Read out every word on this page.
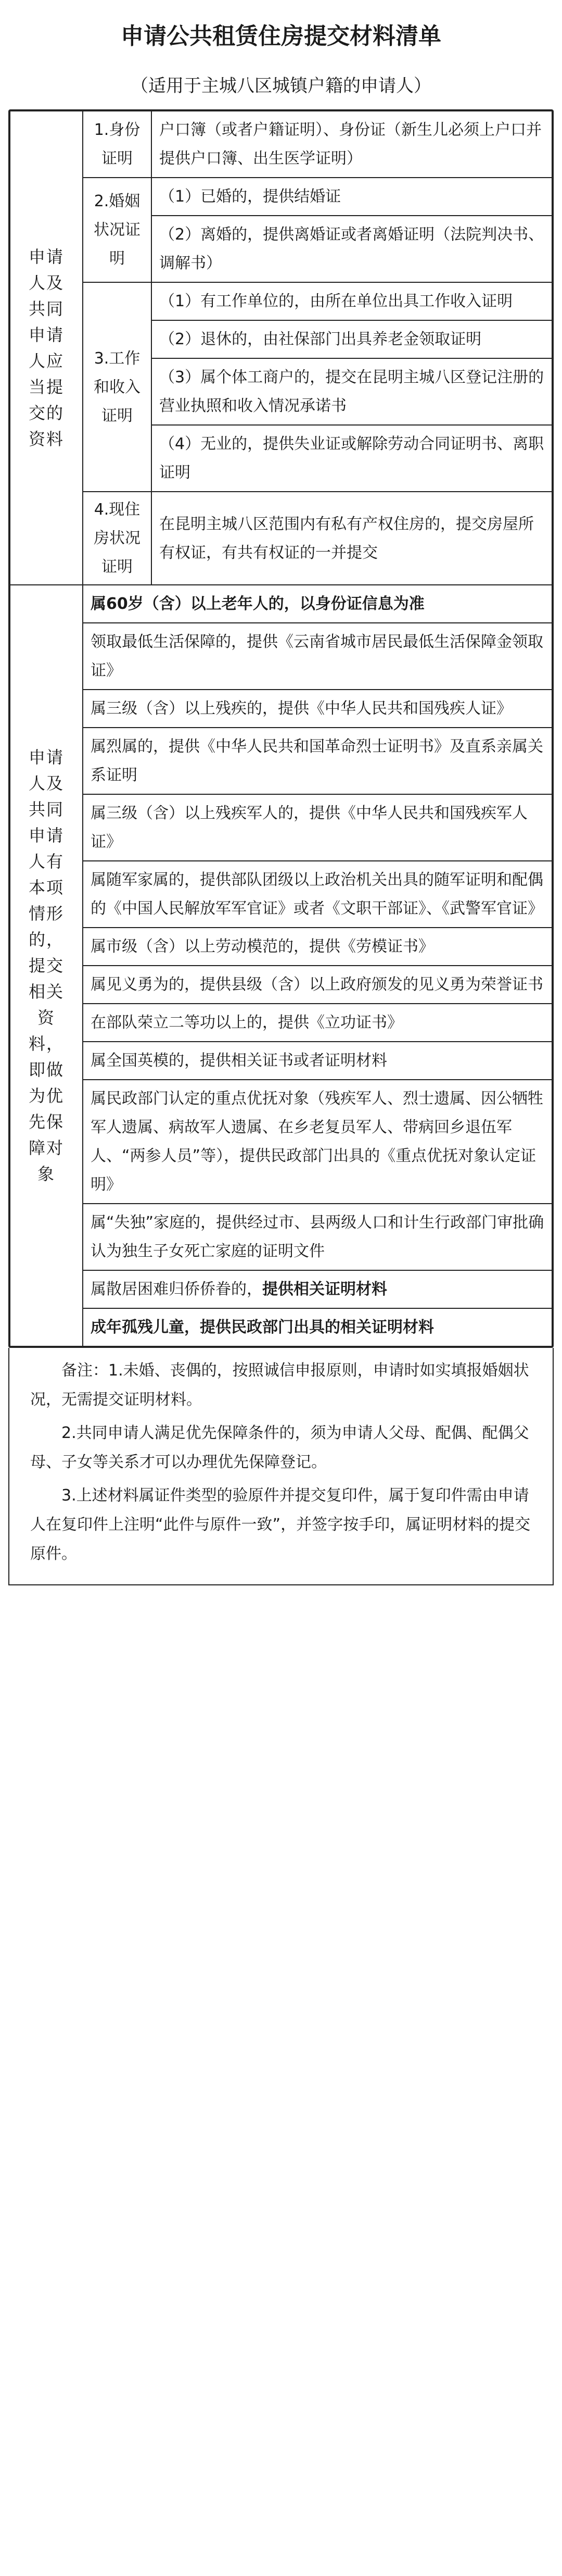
申请公共租赁住房提交材料清单

（适用于主城八区城镇户籍的申请人）

申请人及共同申请人应当提交的资料	1.身份证明	户口簿（或者户籍证明）、身份证（新生儿必须上户口并提供户口簿、出生医学证明）
	2.婚姻状况证明	（1）已婚的，提供结婚证
		（2）离婚的，提供离婚证或者离婚证明（法院判决书、调解书）
	3.工作和收入证明	（1）有工作单位的，由所在单位出具工作收入证明
		（2）退休的，由社保部门出具养老金领取证明
		（3）属个体工商户的，提交在昆明主城八区登记注册的营业执照和收入情况承诺书
		（4）无业的，提供失业证或解除劳动合同证明书、离职证明
	4.现住房状况证明	在昆明主城八区范围内有私有产权住房的，提交房屋所有权证，有共有权证的一并提交

申请人及共同申请人有本项情形的，提交相关资料，即做为优先保障对象	属60岁（含）以上老年人的，以身份证信息为准	
	领取最低生活保障的，提供《云南省城市居民最低生活保障金领取证》	
	属三级（含）以上残疾的，提供《中华人民共和国残疾人证》	
	属烈属的，提供《中华人民共和国革命烈士证明书》及直系亲属关系证明	
	属三级（含）以上残疾军人的，提供《中华人民共和国残疾军人证》	
	属随军家属的，提供部队团级以上政治机关出具的随军证明和配偶的《中国人民解放军军官证》或者《文职干部证》、《武警军官证》	
	属市级（含）以上劳动模范的，提供《劳模证书》	
	属见义勇为的，提供县级（含）以上政府颁发的见义勇为荣誉证书	
	在部队荣立二等功以上的，提供《立功证书》	
	属全国英模的，提供相关证书或者证明材料	
	属民政部门认定的重点优抚对象（残疾军人、烈士遗属、因公牺牲军人遗属、病故军人遗属、在乡老复员军人、带病回乡退伍军人、“两参人员”等），提供民政部门出具的《重点优抚对象认定证明》	
	属“失独”家庭的，提供经过市、县两级人口和计生行政部门审批确认为独生子女死亡家庭的证明文件	
	属散居困难归侨侨眷的，提供相关证明材料	
	成年孤残儿童，提供民政部门出具的相关证明材料	

备注：1.未婚、丧偶的，按照诚信申报原则，申请时如实填报婚姻状况，无需提交证明材料。

2.共同申请人满足优先保障条件的，须为申请人父母、配偶、配偶父母、子女等关系才可以办理优先保障登记。

3.上述材料属证件类型的验原件并提交复印件，属于复印件需由申请人在复印件上注明“此件与原件一致”，并签字按手印，属证明材料的提交原件。
